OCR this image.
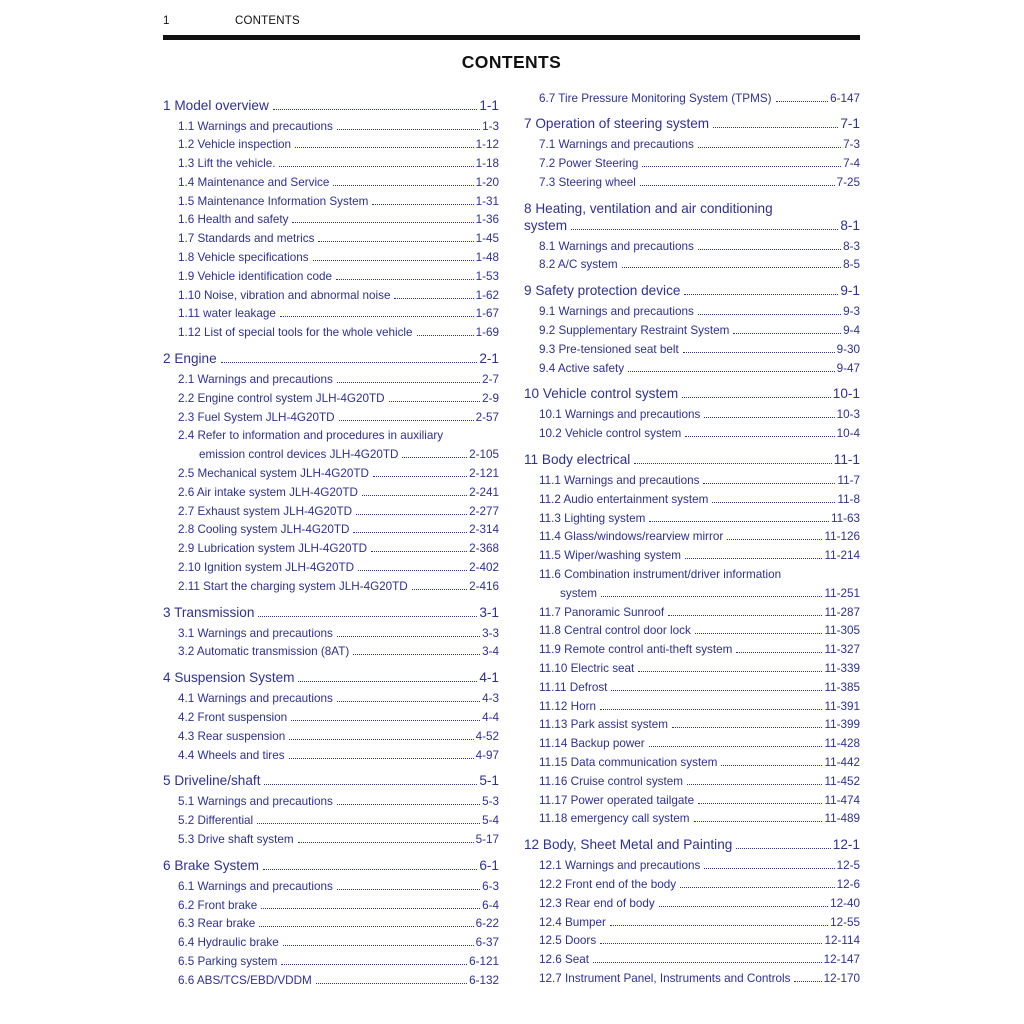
1	CONTENTS
CONTENTS
1 Model overview	1-1
1.1 Warnings and precautions	1-3
1.2 Vehicle inspection	1-12
1.3 Lift the vehicle.	1-18
1.4 Maintenance and Service	1-20
1.5 Maintenance Information System	1-31
1.6 Health and safety	1-36
1.7 Standards and metrics	1-45
1.8 Vehicle specifications	1-48
1.9 Vehicle identification code	1-53
1.10 Noise, vibration and abnormal noise	1-62
1.11 water leakage	1-67
1.12 List of special tools for the whole vehicle	1-69
2 Engine	2-1
2.1 Warnings and precautions	2-7
2.2 Engine control system JLH-4G20TD	2-9
2.3 Fuel System JLH-4G20TD	2-57
2.4 Refer to information and procedures in auxiliary
emission control devices JLH-4G20TD	2-105
2.5 Mechanical system JLH-4G20TD	2-121
2.6 Air intake system JLH-4G20TD	2-241
2.7 Exhaust system JLH-4G20TD	2-277
2.8 Cooling system JLH-4G20TD	2-314
2.9 Lubrication system JLH-4G20TD	2-368
2.10 Ignition system JLH-4G20TD	2-402
2.11 Start the charging system JLH-4G20TD	2-416
3 Transmission	3-1
3.1 Warnings and precautions	3-3
3.2 Automatic transmission (8AT)	3-4
4 Suspension System	4-1
4.1 Warnings and precautions	4-3
4.2 Front suspension	4-4
4.3 Rear suspension	4-52
4.4 Wheels and tires	4-97
5 Driveline/shaft	5-1
5.1 Warnings and precautions	5-3
5.2 Differential	5-4
5.3 Drive shaft system	5-17
6 Brake System	6-1
6.1 Warnings and precautions	6-3
6.2 Front brake	6-4
6.3 Rear brake	6-22
6.4 Hydraulic brake	6-37
6.5 Parking system	6-121
6.6 ABS/TCS/EBD/VDDM	6-132
6.7 Tire Pressure Monitoring System (TPMS)	6-147
7 Operation of steering system	7-1
7.1 Warnings and precautions	7-3
7.2 Power Steering	7-4
7.3 Steering wheel	7-25
8 Heating, ventilation and air conditioning
system	8-1
8.1 Warnings and precautions	8-3
8.2 A/C system	8-5
9 Safety protection device	9-1
9.1 Warnings and precautions	9-3
9.2 Supplementary Restraint System	9-4
9.3 Pre-tensioned seat belt	9-30
9.4 Active safety	9-47
10 Vehicle control system	10-1
10.1 Warnings and precautions	10-3
10.2 Vehicle control system	10-4
11 Body electrical	11-1
11.1 Warnings and precautions	11-7
11.2 Audio entertainment system	11-8
11.3 Lighting system	11-63
11.4 Glass/windows/rearview mirror	11-126
11.5 Wiper/washing system	11-214
11.6 Combination instrument/driver information
system	11-251
11.7 Panoramic Sunroof	11-287
11.8 Central control door lock	11-305
11.9 Remote control anti-theft system	11-327
11.10 Electric seat	11-339
11.11 Defrost	11-385
11.12 Horn	11-391
11.13 Park assist system	11-399
11.14 Backup power	11-428
11.15 Data communication system	11-442
11.16 Cruise control system	11-452
11.17 Power operated tailgate	11-474
11.18 emergency call system	11-489
12 Body, Sheet Metal and Painting	12-1
12.1 Warnings and precautions	12-5
12.2 Front end of the body	12-6
12.3 Rear end of body	12-40
12.4 Bumper	12-55
12.5 Doors	12-114
12.6 Seat	12-147
12.7 Instrument Panel, Instruments and Controls	12-170
